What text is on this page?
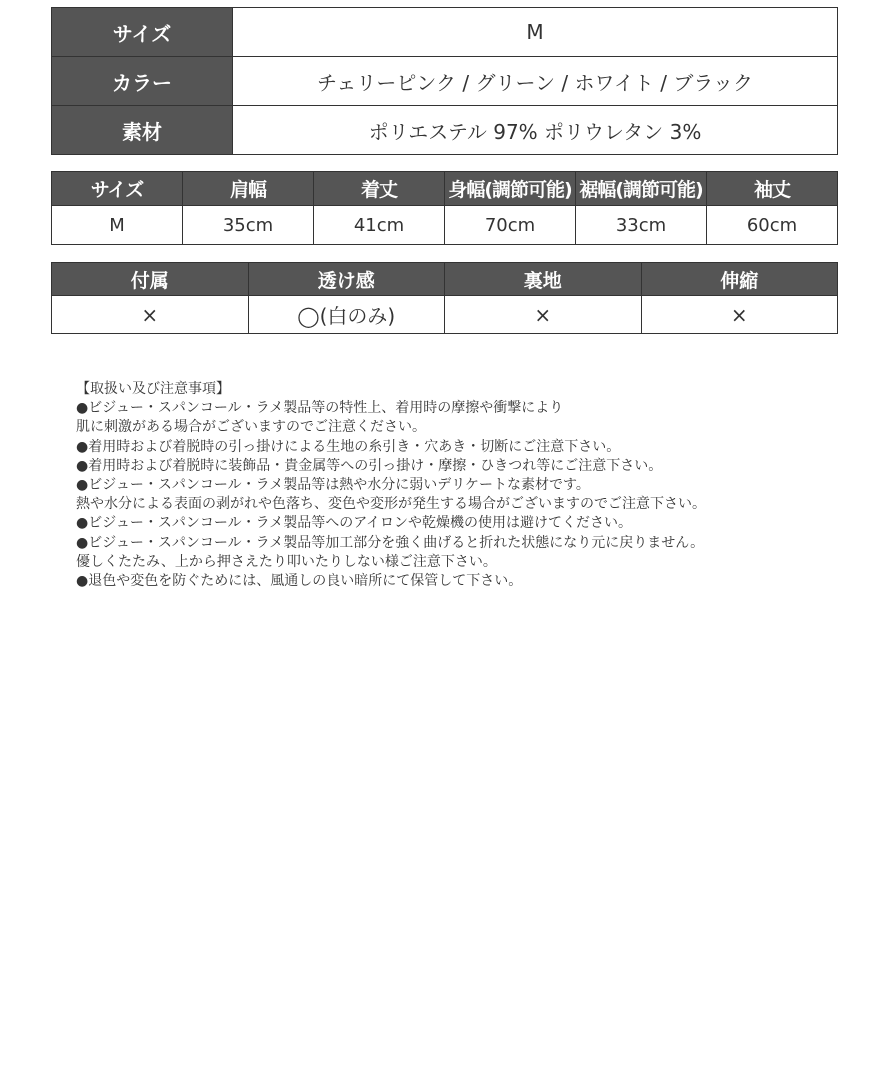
サイズ	M
カラー	チェリーピンク / グリーン / ホワイト / ブラック
素材	ポリエステル 97% ポリウレタン 3%
サイズ	肩幅	着丈	身幅(調節可能)	裾幅(調節可能)	袖丈
M	35cm	41cm	70cm	33cm	60cm
付属	透け感	裏地	伸縮
×	◯(白のみ)	×	×
【取扱い及び注意事項】
●ビジュー・スパンコール・ラメ製品等の特性上、着用時の摩擦や衝撃により
肌に刺激がある場合がございますのでご注意ください。
●着用時および着脱時の引っ掛けによる生地の糸引き・穴あき・切断にご注意下さい。
●着用時および着脱時に装飾品・貴金属等への引っ掛け・摩擦・ひきつれ等にご注意下さい。
●ビジュー・スパンコール・ラメ製品等は熱や水分に弱いデリケートな素材です。
熱や水分による表面の剥がれや色落ち、変色や変形が発生する場合がございますのでご注意下さい。
●ビジュー・スパンコール・ラメ製品等へのアイロンや乾燥機の使用は避けてください。
●ビジュー・スパンコール・ラメ製品等加工部分を強く曲げると折れた状態になり元に戻りません。
優しくたたみ、上から押さえたり叩いたりしない様ご注意下さい。
●退色や変色を防ぐためには、風通しの良い暗所にて保管して下さい。
